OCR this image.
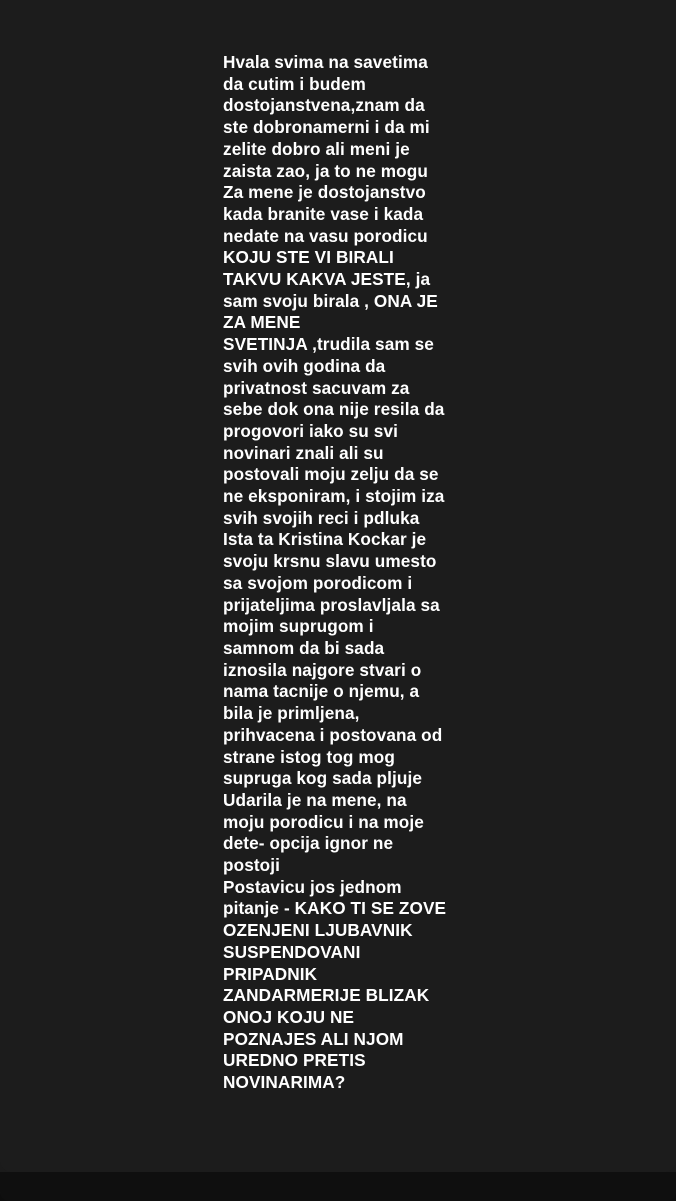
Hvala svima na savetima
da cutim i budem
dostojanstvena,znam da
ste dobronamerni i da mi
zelite dobro ali meni je
zaista zao, ja to ne mogu
Za mene je dostojanstvo
kada branite vase i kada
nedate na vasu porodicu
KOJU STE VI BIRALI
TAKVU KAKVA JESTE, ja
sam svoju birala , ONA JE
ZA MENE
SVETINJA ,trudila sam se
svih ovih godina da
privatnost sacuvam za
sebe dok ona nije resila da
progovori iako su svi
novinari znali ali su
postovali moju zelju da se
ne eksponiram, i stojim iza
svih svojih reci i pdluka
Ista ta Kristina Kockar je
svoju krsnu slavu umesto
sa svojom porodicom i
prijateljima proslavljala sa
mojim suprugom i
samnom da bi sada
iznosila najgore stvari o
nama tacnije o njemu, a
bila je primljena,
prihvacena i postovana od
strane istog tog mog
supruga kog sada pljuje
Udarila je na mene, na
moju porodicu i na moje
dete- opcija ignor ne
postoji
Postavicu jos jednom
pitanje - KAKO TI SE ZOVE
OZENJENI LJUBAVNIK
SUSPENDOVANI
PRIPADNIK
ZANDARMERIJE BLIZAK
ONOJ KOJU NE
POZNAJES ALI NJOM
UREDNO PRETIS
NOVINARIMA?
